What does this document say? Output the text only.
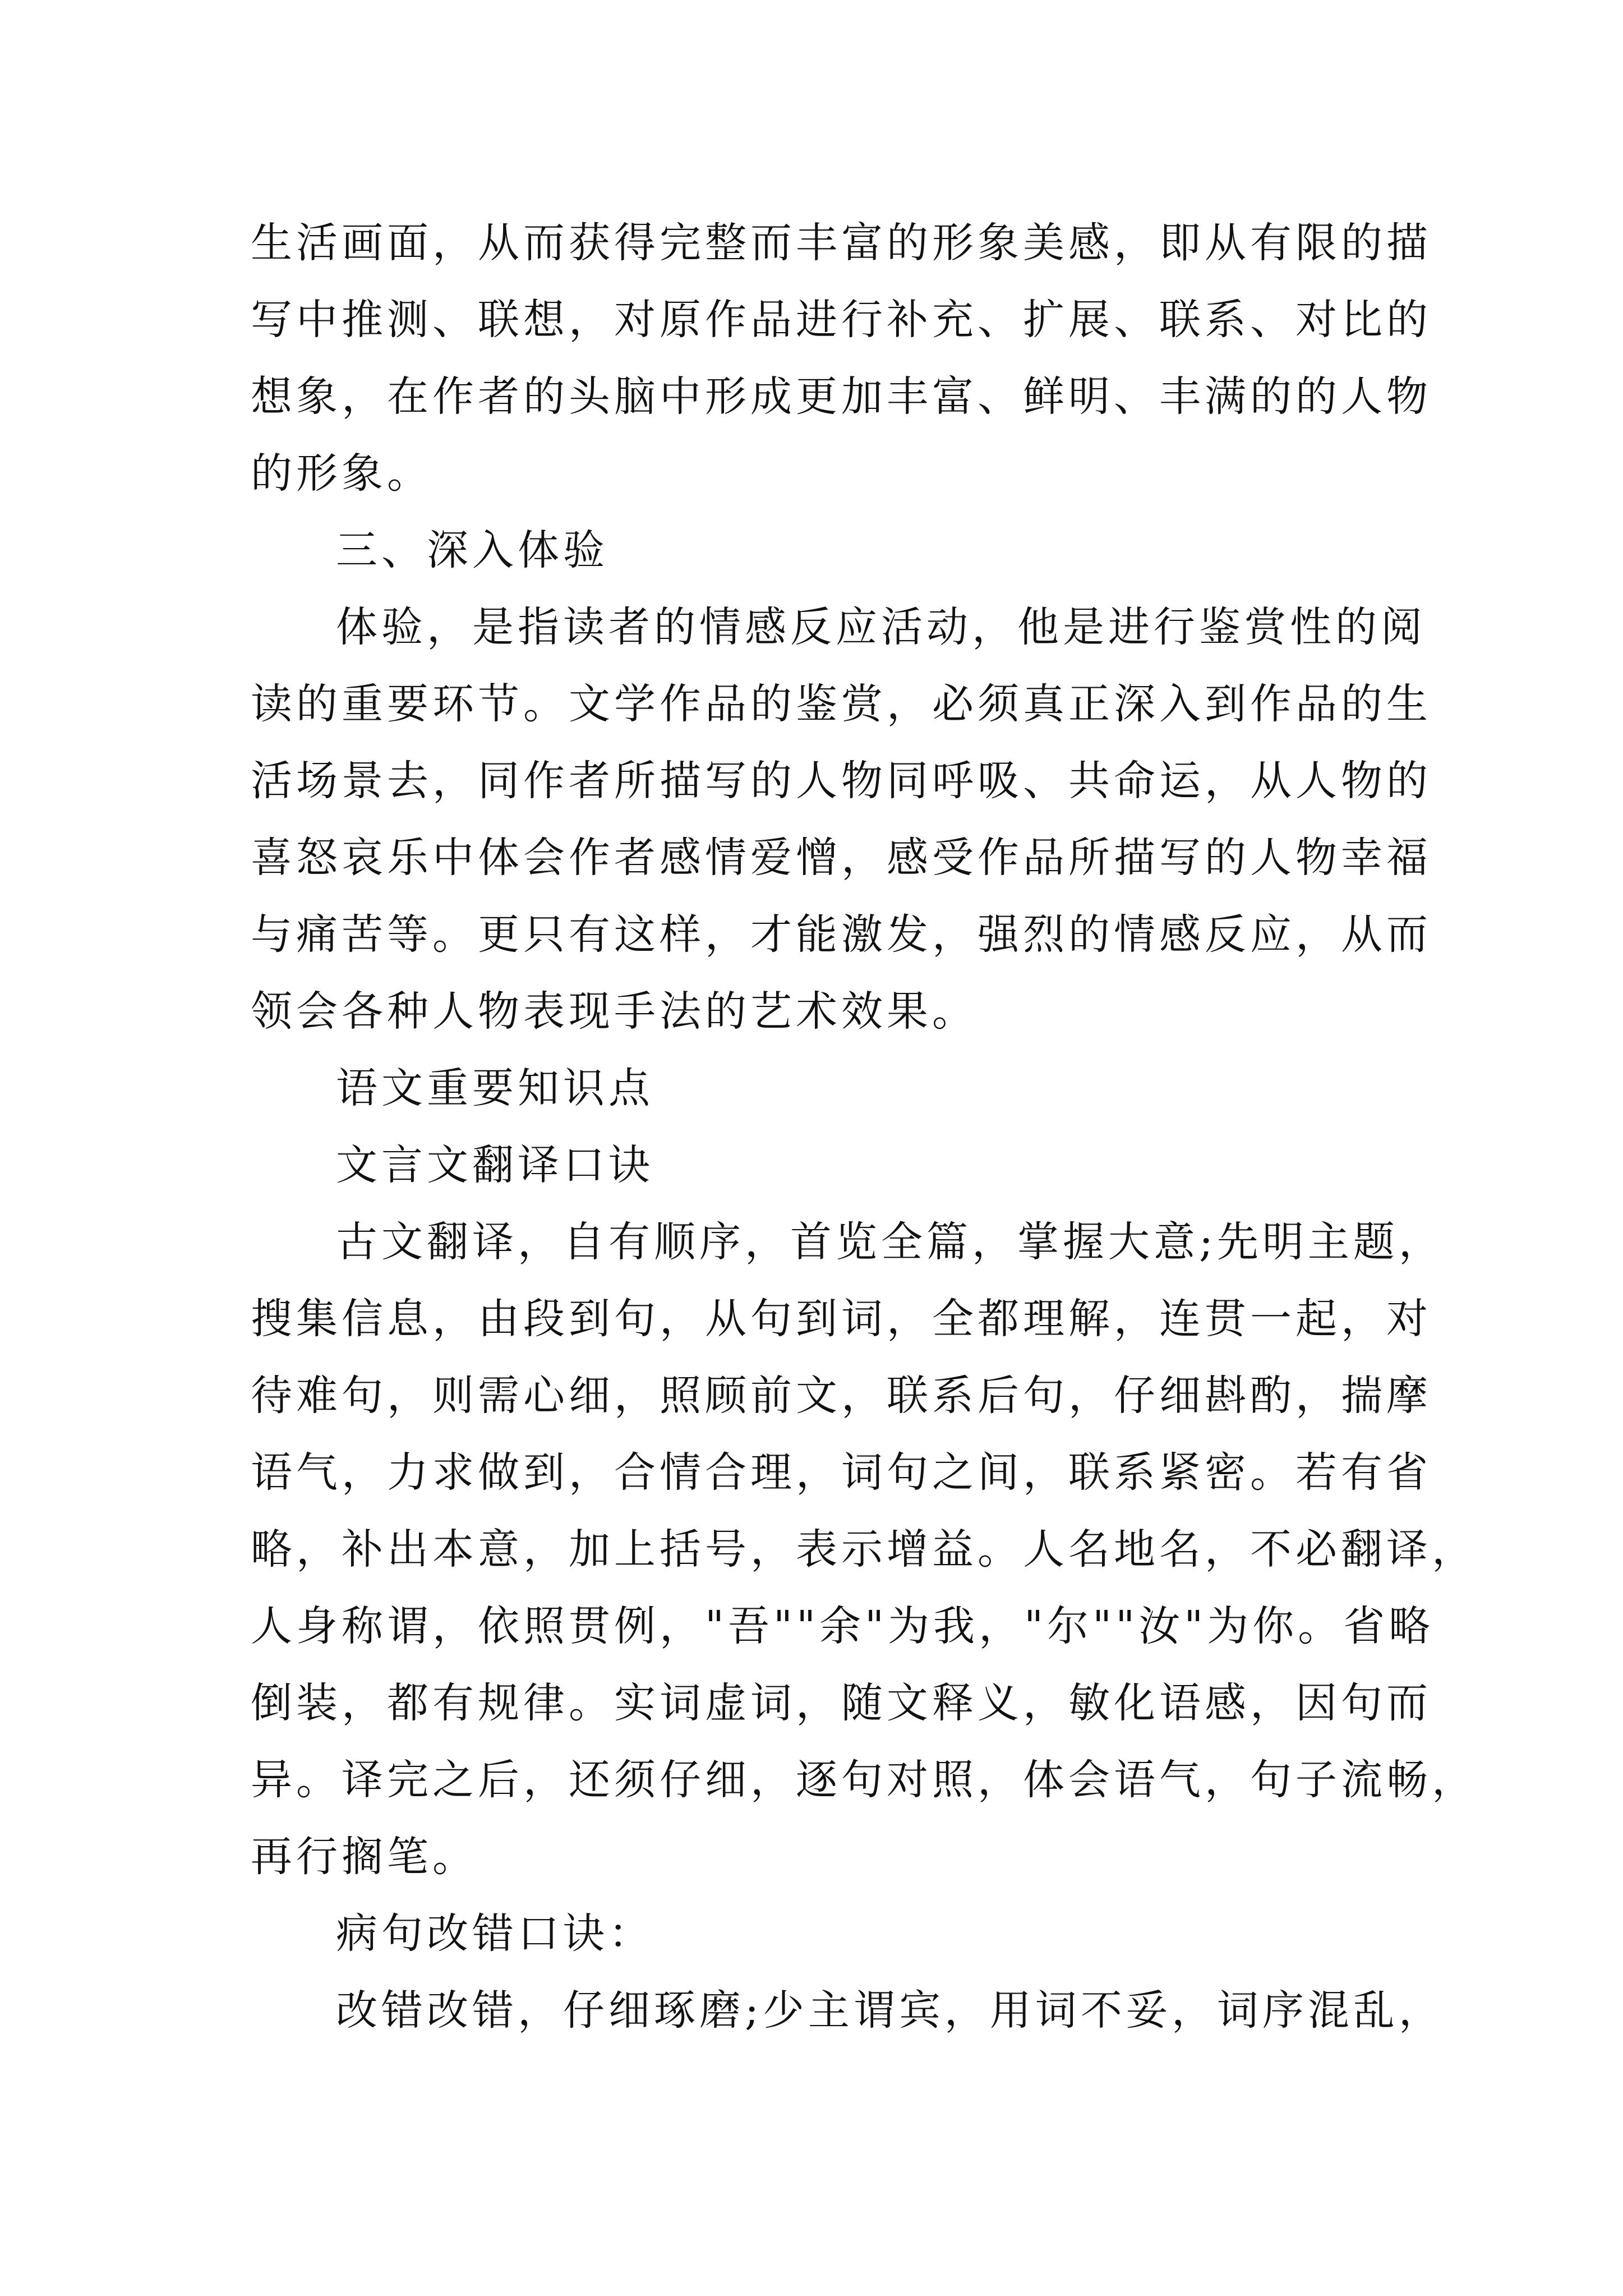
生活画面，从而获得完整而丰富的形象美感，即从有限的描
写中推测、联想，对原作品进行补充、扩展、联系、对比的
想象，在作者的头脑中形成更加丰富、鲜明、丰满的的人物
的形象。
三、深入体验
体验，是指读者的情感反应活动，他是进行鉴赏性的阅
读的重要环节。文学作品的鉴赏，必须真正深入到作品的生
活场景去，同作者所描写的人物同呼吸、共命运，从人物的
喜怒哀乐中体会作者感情爱憎，感受作品所描写的人物幸福
与痛苦等。更只有这样，才能激发，强烈的情感反应，从而
领会各种人物表现手法的艺术效果。
语文重要知识点
文言文翻译口诀
古文翻译，自有顺序，首览全篇，掌握大意;先明主题，
搜集信息，由段到句，从句到词，全都理解，连贯一起，对
待难句，则需心细，照顾前文，联系后句，仔细斟酌，揣摩
语气，力求做到，合情合理，词句之间，联系紧密。若有省
略，补出本意，加上括号，表示增益。人名地名，不必翻译，
人身称谓，依照贯例，"吾""余"为我，"尔""汝"为你。省略
倒装，都有规律。实词虚词，随文释义，敏化语感，因句而
异。译完之后，还须仔细，逐句对照，体会语气，句子流畅，
再行搁笔。
病句改错口诀：
改错改错，仔细琢磨;少主谓宾，用词不妥，词序混乱，
